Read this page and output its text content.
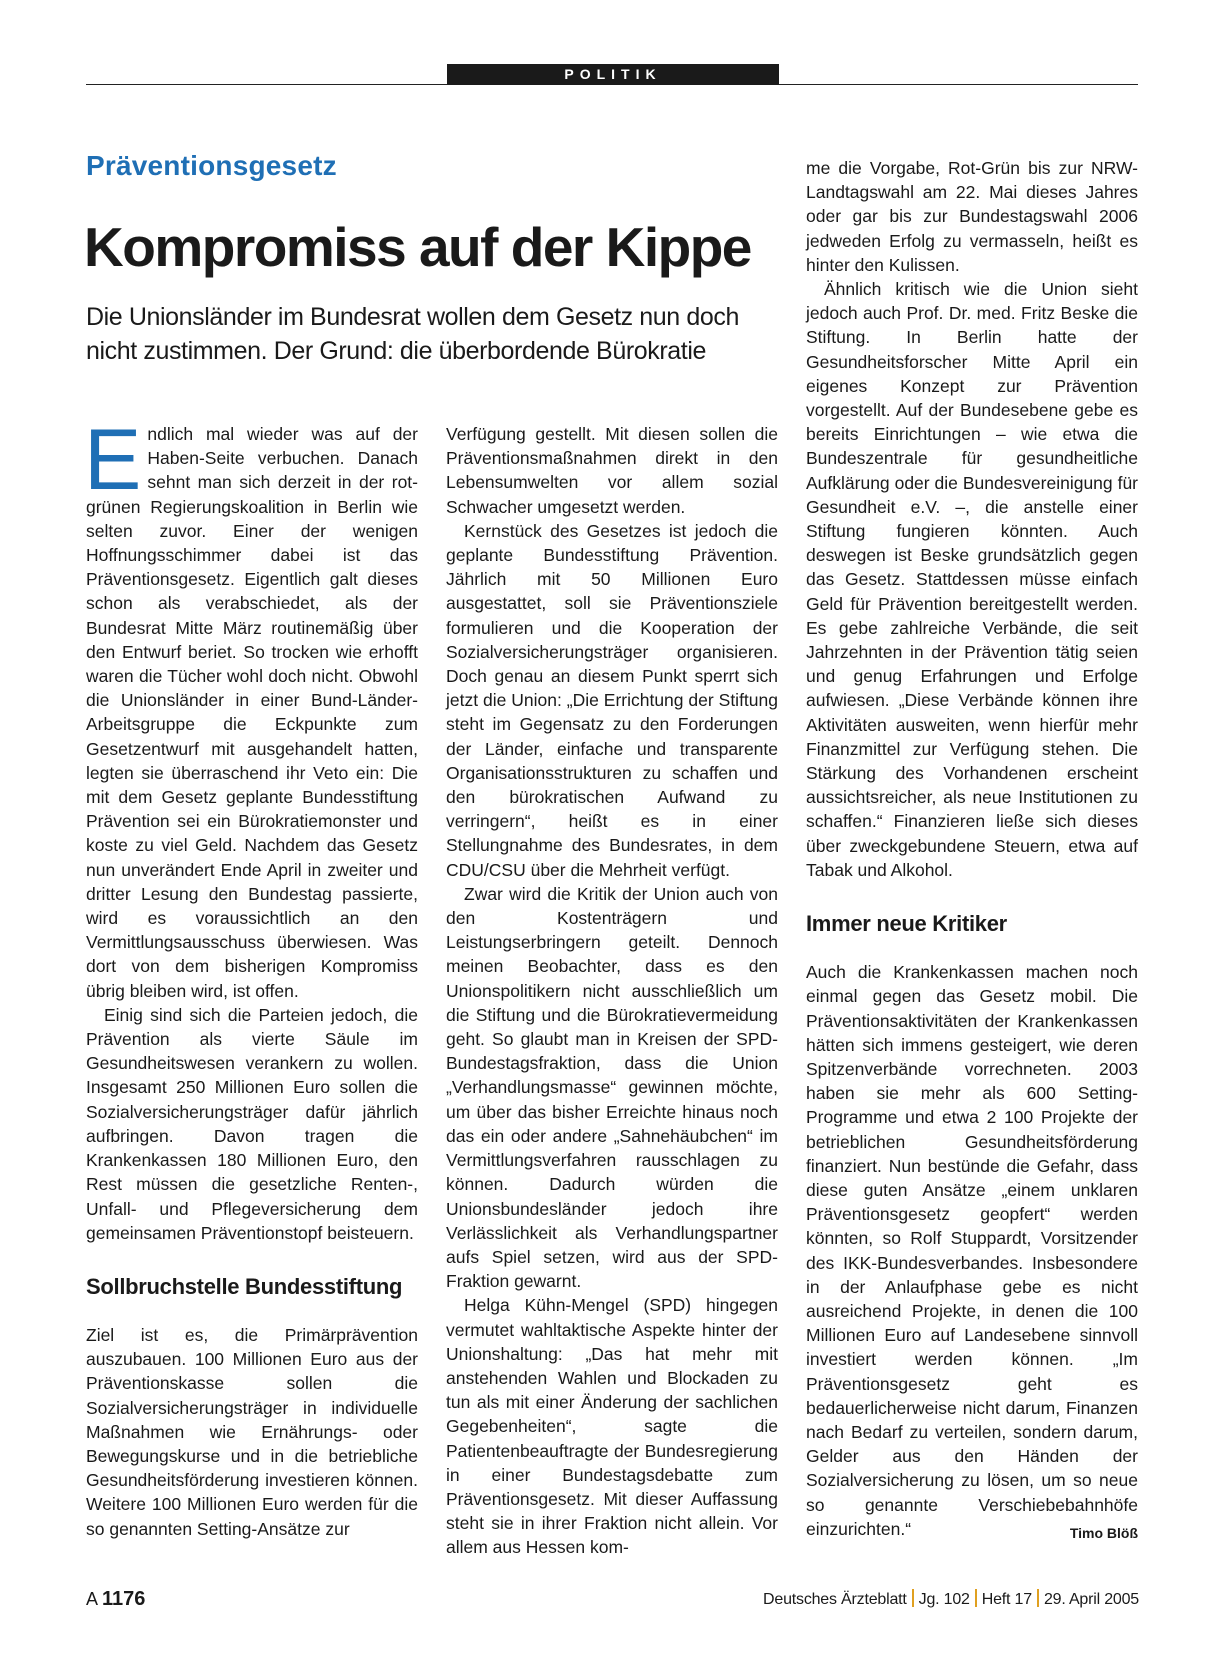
POLITIK
Präventionsgesetz
Kompromiss auf der Kippe
Die Unionsländer im Bundesrat wollen dem Gesetz nun doch nicht zustimmen. Der Grund: die überbordende Bürokratie

Endlich mal wieder was auf der Haben-Seite verbuchen. Danach sehnt man sich derzeit in der rot-grünen Regierungskoalition in Berlin wie selten zuvor. Einer der wenigen Hoffnungsschimmer dabei ist das Präventionsgesetz. Eigentlich galt dieses schon als verabschiedet, als der Bundesrat Mitte März routinemäßig über den Entwurf beriet. So trocken wie erhofft waren die Tücher wohl doch nicht. Obwohl die Unionsländer in einer Bund-Länder-Arbeitsgruppe die Eckpunkte zum Gesetzentwurf mit ausgehandelt hatten, legten sie überraschend ihr Veto ein: Die mit dem Gesetz geplante Bundesstiftung Prävention sei ein Bürokratiemonster und koste zu viel Geld. Nachdem das Gesetz nun unverändert Ende April in zweiter und dritter Lesung den Bundestag passierte, wird es voraussichtlich an den Vermittlungsausschuss überwiesen. Was dort von dem bisherigen Kompromiss übrig bleiben wird, ist offen.

Einig sind sich die Parteien jedoch, die Prävention als vierte Säule im Gesundheitswesen verankern zu wollen. Insgesamt 250 Millionen Euro sollen die Sozialversicherungsträger dafür jährlich aufbringen. Davon tragen die Krankenkassen 180 Millionen Euro, den Rest müssen die gesetzliche Renten-, Unfall- und Pflegeversicherung dem gemeinsamen Präventionstopf beisteuern.

Sollbruchstelle Bundesstiftung

Ziel ist es, die Primärprävention auszubauen. 100 Millionen Euro aus der Präventionskasse sollen die Sozialversicherungsträger in individuelle Maßnahmen wie Ernährungs- oder Bewegungskurse und in die betriebliche Gesundheitsförderung investieren können. Weitere 100 Millionen Euro werden für die so genannten Setting-Ansätze zur

Verfügung gestellt. Mit diesen sollen die Präventionsmaßnahmen direkt in den Lebensumwelten vor allem sozial Schwacher umgesetzt werden.

Kernstück des Gesetzes ist jedoch die geplante Bundesstiftung Prävention. Jährlich mit 50 Millionen Euro ausgestattet, soll sie Präventionsziele formulieren und die Kooperation der Sozialversicherungsträger organisieren. Doch genau an diesem Punkt sperrt sich jetzt die Union: „Die Errichtung der Stiftung steht im Gegensatz zu den Forderungen der Länder, einfache und transparente Organisationsstrukturen zu schaffen und den bürokratischen Aufwand zu verringern“, heißt es in einer Stellungnahme des Bundesrates, in dem CDU/CSU über die Mehrheit verfügt.

Zwar wird die Kritik der Union auch von den Kostenträgern und Leistungserbringern geteilt. Dennoch meinen Beobachter, dass es den Unionspolitikern nicht ausschließlich um die Stiftung und die Bürokratievermeidung geht. So glaubt man in Kreisen der SPD-Bundestagsfraktion, dass die Union „Verhandlungsmasse“ gewinnen möchte, um über das bisher Erreichte hinaus noch das ein oder andere „Sahnehäubchen“ im Vermittlungsverfahren rausschlagen zu können. Dadurch würden die Unionsbundesländer jedoch ihre Verlässlichkeit als Verhandlungspartner aufs Spiel setzen, wird aus der SPD-Fraktion gewarnt.

Helga Kühn-Mengel (SPD) hingegen vermutet wahltaktische Aspekte hinter der Unionshaltung: „Das hat mehr mit anstehenden Wahlen und Blockaden zu tun als mit einer Änderung der sachlichen Gegebenheiten“, sagte die Patientenbeauftragte der Bundesregierung in einer Bundestagsdebatte zum Präventionsgesetz. Mit dieser Auffassung steht sie in ihrer Fraktion nicht allein. Vor allem aus Hessen kom-

me die Vorgabe, Rot-Grün bis zur NRW-Landtagswahl am 22. Mai dieses Jahres oder gar bis zur Bundestagswahl 2006 jedweden Erfolg zu vermasseln, heißt es hinter den Kulissen.

Ähnlich kritisch wie die Union sieht jedoch auch Prof. Dr. med. Fritz Beske die Stiftung. In Berlin hatte der Gesundheitsforscher Mitte April ein eigenes Konzept zur Prävention vorgestellt. Auf der Bundesebene gebe es bereits Einrichtungen – wie etwa die Bundeszentrale für gesundheitliche Aufklärung oder die Bundesvereinigung für Gesundheit e.V. –, die anstelle einer Stiftung fungieren könnten. Auch deswegen ist Beske grundsätzlich gegen das Gesetz. Stattdessen müsse einfach Geld für Prävention bereitgestellt werden. Es gebe zahlreiche Verbände, die seit Jahrzehnten in der Prävention tätig seien und genug Erfahrungen und Erfolge aufwiesen. „Diese Verbände können ihre Aktivitäten ausweiten, wenn hierfür mehr Finanzmittel zur Verfügung stehen. Die Stärkung des Vorhandenen erscheint aussichtsreicher, als neue Institutionen zu schaffen.“ Finanzieren ließe sich dieses über zweckgebundene Steuern, etwa auf Tabak und Alkohol.

Immer neue Kritiker

Auch die Krankenkassen machen noch einmal gegen das Gesetz mobil. Die Präventionsaktivitäten der Krankenkassen hätten sich immens gesteigert, wie deren Spitzenverbände vorrechneten. 2003 haben sie mehr als 600 Setting-Programme und etwa 2 100 Projekte der betrieblichen Gesundheitsförderung finanziert. Nun bestünde die Gefahr, dass diese guten Ansätze „einem unklaren Präventionsgesetz geopfert“ werden könnten, so Rolf Stuppardt, Vorsitzender des IKK-Bundesverbandes. Insbesondere in der Anlaufphase gebe es nicht ausreichend Projekte, in denen die 100 Millionen Euro auf Landesebene sinnvoll investiert werden können. „Im Präventionsgesetz geht es bedauerlicherweise nicht darum, Finanzen nach Bedarf zu verteilen, sondern darum, Gelder aus den Händen der Sozialversicherung zu lösen, um so neue so genannte Verschiebebahnhöfe einzurichten.“	Timo Blöß

A 1176	Deutsches Ärzteblatt Jg. 102 Heft 17 29. April 2005
